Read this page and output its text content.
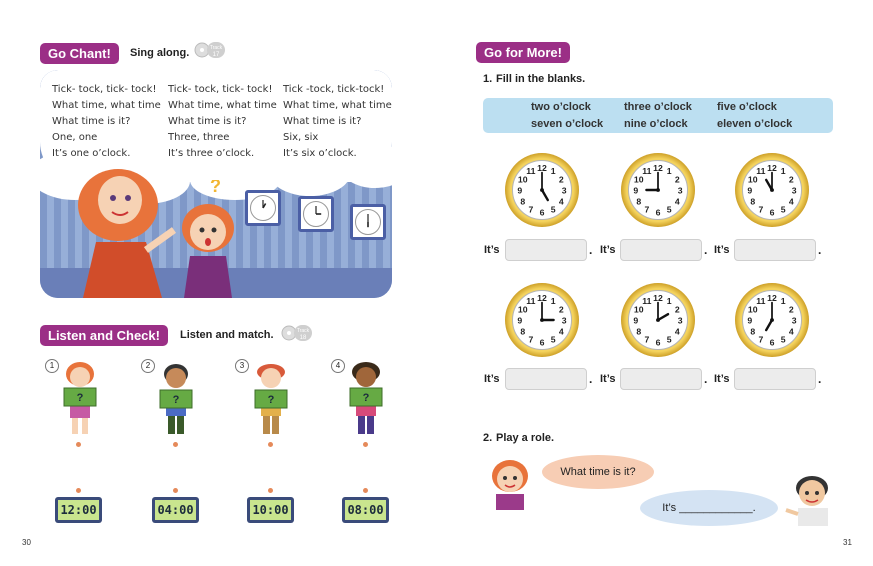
Go Chant!	Sing along.	Track
17
Tick- tock, tick- tock!
What time, what time
What time is it?
One, one
It’s one o’clock.
Tick- tock, tick- tock!
What time, what time
What time is it?
Three, three
It’s three o’clock.
Tick -tock, tick-tock!
What time, what time
What time is it?
Six, six
It’s six o’clock.
?
Listen and Check!	Listen and match.	Track
18
1
?
2
?
3
?
4
?
12:00	04:00	10:00	08:00
30
Go for More!
1. Fill in the blanks.
two o’clock	three o’clock five o’clock
seven o’clock nine o’clock	eleven o’clock
1
2
3
4
5
6
7
8
9
10
11 12	1
2
3
4
5
6
7
8
9
10
11 12	1
2
3
4
5
6
7
8
9
10
11 12
1
2
3
4
5
6
7
8
9
10
11 12	1
2
3
4
5
6
7
8
9
10
11 12	1
2
3
4
5
6
7
8
9
10
11 12
It’s	. It’s	. It’s	.
It’s	. It’s	. It’s	.
2. Play a role.
What time is it?
It’s ____________.
31
